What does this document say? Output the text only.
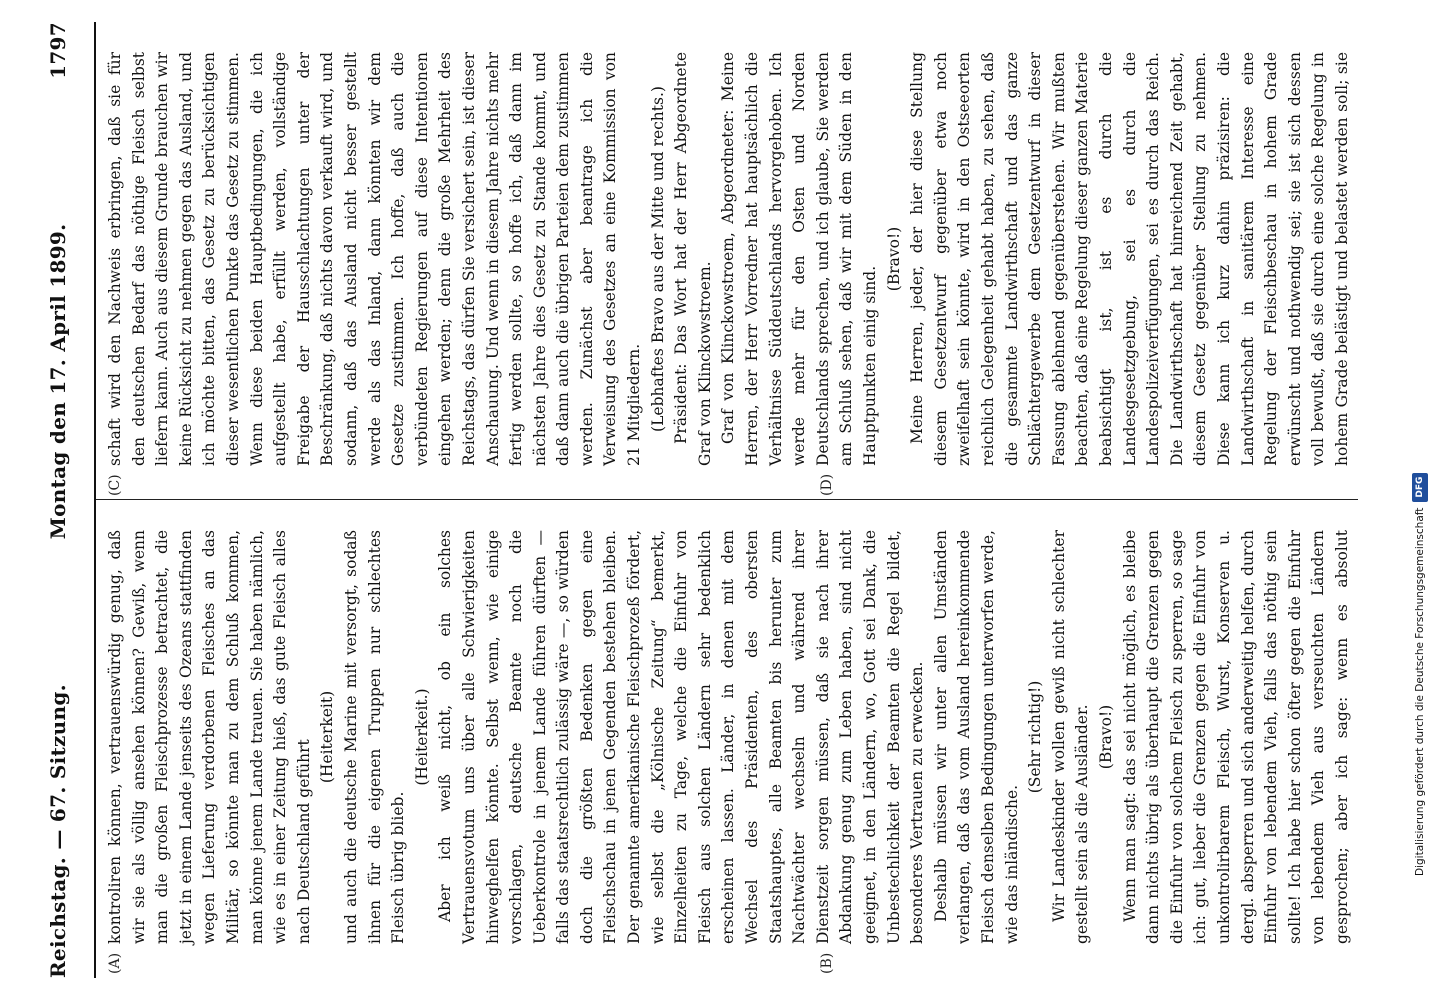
Reichstag. — 67. Sitzung.
Montag den 17. April 1899.
1797
(A)	(B)

kontroliren können, vertrauenswürdig genug, daß wir sie als völlig ansehen können? Gewiß, wenn man die großen Fleischprozesse betrachtet, die jetzt in einem Lande jenseits des Ozeans stattfinden wegen Lieferung verdorbenen Fleisches an das Militär, so könnte man zu dem Schluß kommen, man könne jenem Lande trauen. Sie haben nämlich, wie es in einer Zeitung hieß, das gute Fleisch alles nach Deutschland geführt

(Heiterkeit) und auch die deutsche Marine mit versorgt, sodaß ihnen für die eigenen Truppen nur schlechtes Fleisch übrig blieb.

(Heiterkeit.) Aber ich weiß nicht, ob ein solches Vertrauensvotum uns über alle Schwierigkeiten hinweghelfen könnte. Selbst wenn, wie einige vorschlagen, deutsche Beamte noch die Ueberkontrole in jenem Lande führen dürften — falls das staatsrechtlich zulässig wäre —, so würden doch die größten Bedenken gegen eine Fleischschau in jenen Gegenden bestehen bleiben. Der genannte amerikanische Fleischprozeß fördert, wie selbst die „Kölnische Zeitung“ bemerkt, Einzelheiten zu Tage, welche die Einfuhr von Fleisch aus solchen Ländern sehr bedenklich erscheinen lassen. Länder, in denen mit dem Wechsel des Präsidenten, des obersten Staatshauptes, alle Beamten bis herunter zum Nachtwächter wechseln und während ihrer Dienstzeit sorgen müssen, daß sie nach ihrer Abdankung genug zum Leben haben, sind nicht geeignet, in den Ländern, wo, Gott sei Dank, die Unbestechlichkeit der Beamten die Regel bildet, besonderes Vertrauen zu erwecken. Deshalb müssen wir unter allen Umständen verlangen, daß das vom Ausland hereinkommende Fleisch denselben Bedingungen unterworfen werde, wie das inländische.

(Sehr richtig!) Wir Landeskinder wollen gewiß nicht schlechter gestellt sein als die Ausländer. (Bravo!)

Wenn man sagt: das sei nicht möglich, es bleibe dann nichts übrig als überhaupt die Grenzen gegen die Einfuhr von solchem Fleisch zu sperren, so sage ich: gut, lieber die Grenzen gegen die Einfuhr von unkontrolirbarem Fleisch, Wurst, Konserven u. dergl. absperren und sich anderweitig helfen, durch Einfuhr von lebendem Vieh, falls das nöthig sein sollte! Ich habe hier schon öfter gegen die Einfuhr von lebendem Vieh aus verseuchten Ländern gesprochen; aber ich sage: wenn es absolut

(C)	(D)

schaft wird den Nachweis erbringen, daß sie für den deutschen Bedarf das nöthige Fleisch selbst liefern kann. Auch aus diesem Grunde brauchen wir keine Rücksicht zu nehmen gegen das Ausland, und ich möchte bitten, das Gesetz zu berücksichtigen dieser wesentlichen Punkte das Gesetz zu stimmen. Wenn diese beiden Hauptbedingungen, die ich aufgestellt habe, erfüllt werden, vollständige Freigabe der Hausschlachtungen unter der Beschränkung, daß nichts davon verkauft wird, und sodann, daß das Ausland nicht besser gestellt werde als das Inland, dann könnten wir dem Gesetze zustimmen. Ich hoffe, daß auch die verbündeten Regierungen auf diese Intentionen eingehen werden; denn die große Mehrheit des Reichstags, das dürfen Sie versichert sein, ist dieser Anschauung. Und wenn in diesem Jahre nichts mehr fertig werden sollte, so hoffe ich, daß dann im nächsten Jahre dies Gesetz zu Stande kommt, und daß dann auch die übrigen Parteien dem zustimmen werden. Zunächst aber beantrage ich die Verweisung des Gesetzes an eine Kommission von 21 Mitgliedern. (Lebhaftes Bravo aus der Mitte und rechts.) Präsident: Das Wort hat der Herr Abgeordnete Graf von Klinckowstroem. Graf von Klinckowstroem, Abgeordneter: Meine Herren, der Herr Vorredner hat hauptsächlich die Verhältnisse Süddeutschlands hervorgehoben. Ich werde mehr für den Osten und Norden Deutschlands sprechen, und ich glaube, Sie werden am Schluß sehen, daß wir mit dem Süden in den Hauptpunkten einig sind.

(Bravo!)

Meine Herren, jeder, der hier diese Stellung diesem Gesetzentwurf gegenüber etwa noch zweifelhaft sein könnte, wird in den Ostseeorten reichlich Gelegenheit gehabt haben, zu sehen, daß die gesammte Landwirthschaft und das ganze Schlächtergewerbe dem Gesetzentwurf in dieser Fassung ablehnend gegenüberstehen. Wir mußten beachten, daß eine Regelung dieser ganzen Materie beabsichtigt ist, ist es durch die Landesgesetzgebung, sei es durch die Landespolizeiverfügungen, sei es durch das Reich. Die Landwirthschaft hat hinreichend Zeit gehabt, diesem Gesetz gegenüber Stellung zu nehmen. Diese kann ich kurz dahin präzisiren: die Landwirthschaft in sanitärem Interesse eine Regelung der Fleischbeschau in hohem Grade erwünscht und nothwendig sei; sie ist sich dessen voll bewußt, daß sie durch eine solche Regelung in hohem Grade belästigt und belastet werden soll; sie

Digitalisierung gefördert durch die Deutsche Forschungsgemeinschaft
DFG
